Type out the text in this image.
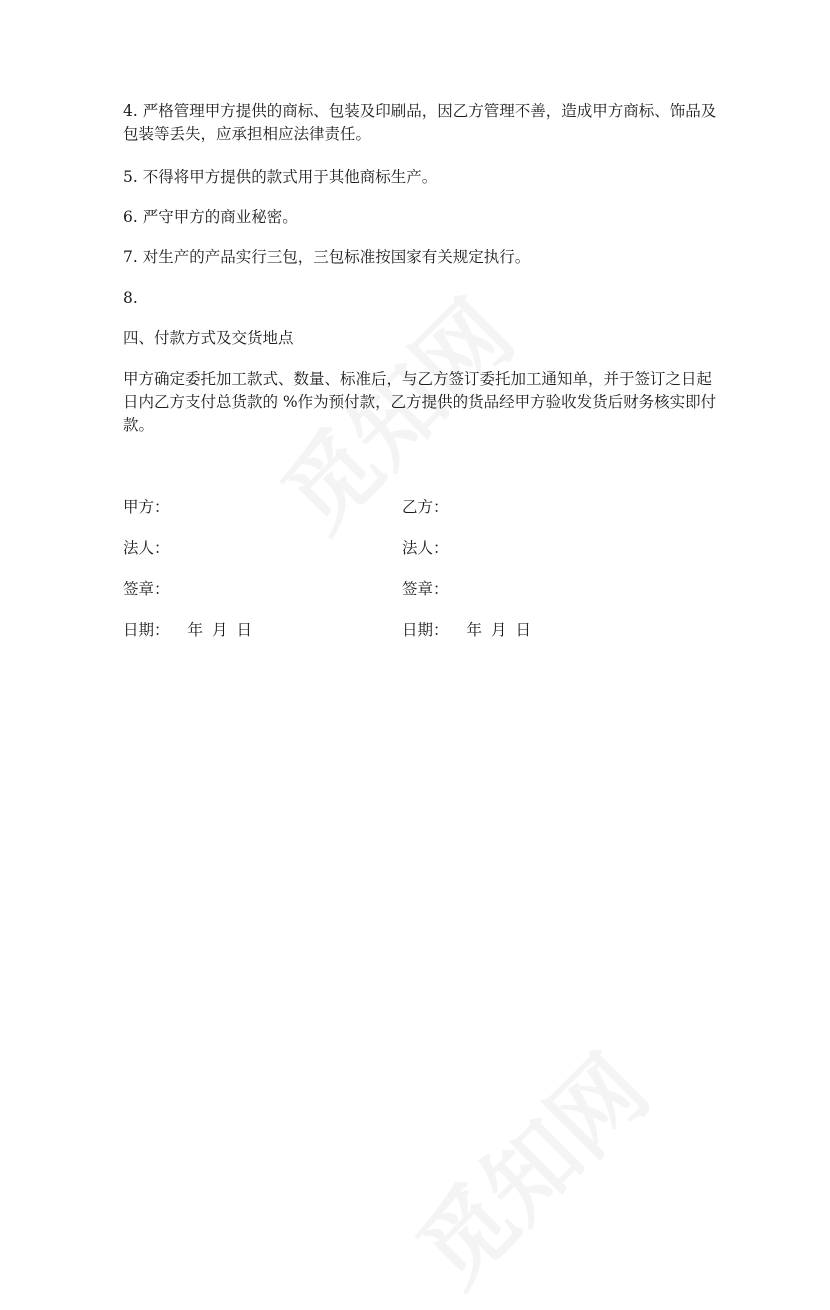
4. 严格管理甲方提供的商标、包装及印刷品，因乙方管理不善，造成甲方商标、饰品及包装等丢失，应承担相应法律责任。

5. 不得将甲方提供的款式用于其他商标生产。

6. 严守甲方的商业秘密。

7. 对生产的产品实行三包，三包标准按国家有关规定执行。

8.

四、付款方式及交货地点

甲方确定委托加工款式、数量、标准后，与乙方签订委托加工通知单，并于签订之日起 日内乙方支付总货款的 %作为预付款，乙方提供的货品经甲方验收发货后财务核实即付款。

甲方：

法人：

签章：

日期： 年 月 日

乙方：

法人：

签章：

日期： 年 月 日
